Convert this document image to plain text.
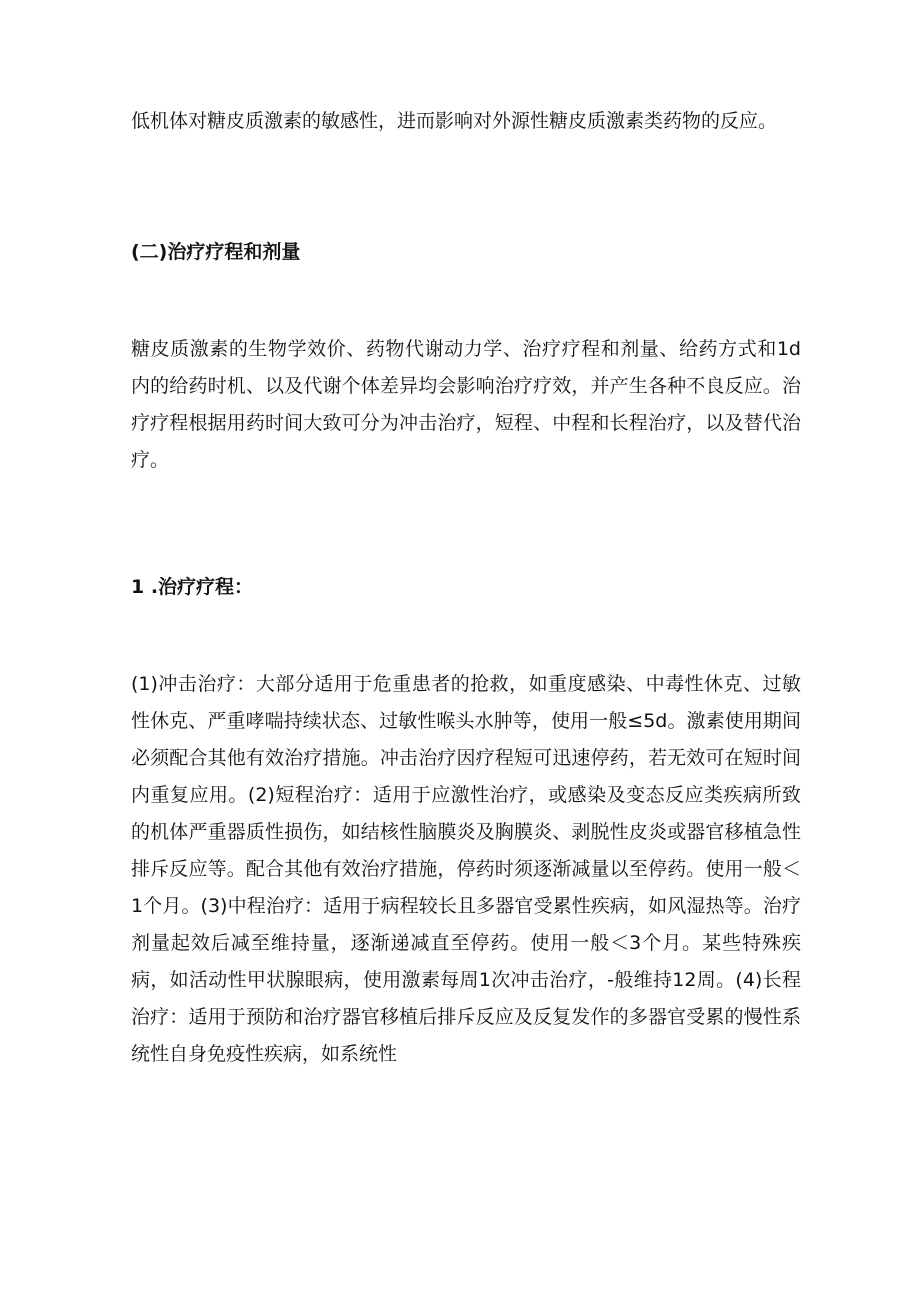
低机体对糖皮质激素的敏感性，进而影响对外源性糖皮质激素类药物的反应。

(二)治疗疗程和剂量

糖皮质激素的生物学效价、药物代谢动力学、治疗疗程和剂量、给药方式和1d内的给药时机、以及代谢个体差异均会影响治疗疗效，并产生各种不良反应。治疗疗程根据用药时间大致可分为冲击治疗，短程、中程和长程治疗，以及替代治疗。

1 .治疗疗程：

(1)冲击治疗：大部分适用于危重患者的抢救，如重度感染、中毒性休克、过敏性休克、严重哮喘持续状态、过敏性喉头水肿等，使用一般≤5d。激素使用期间必须配合其他有效治疗措施。冲击治疗因疗程短可迅速停药，若无效可在短时间内重复应用。(2)短程治疗：适用于应激性治疗，或感染及变态反应类疾病所致的机体严重器质性损伤，如结核性脑膜炎及胸膜炎、剥脱性皮炎或器官移植急性排斥反应等。配合其他有效治疗措施，停药时须逐渐减量以至停药。使用一般＜1个月。(3)中程治疗：适用于病程较长且多器官受累性疾病，如风湿热等。治疗剂量起效后减至维持量，逐渐递减直至停药。使用一般＜3个月。某些特殊疾病，如活动性甲状腺眼病，使用激素每周1次冲击治疗，-般维持12周。(4)长程治疗：适用于预防和治疗器官移植后排斥反应及反复发作的多器官受累的慢性系统性自身免疫性疾病，如系统性
